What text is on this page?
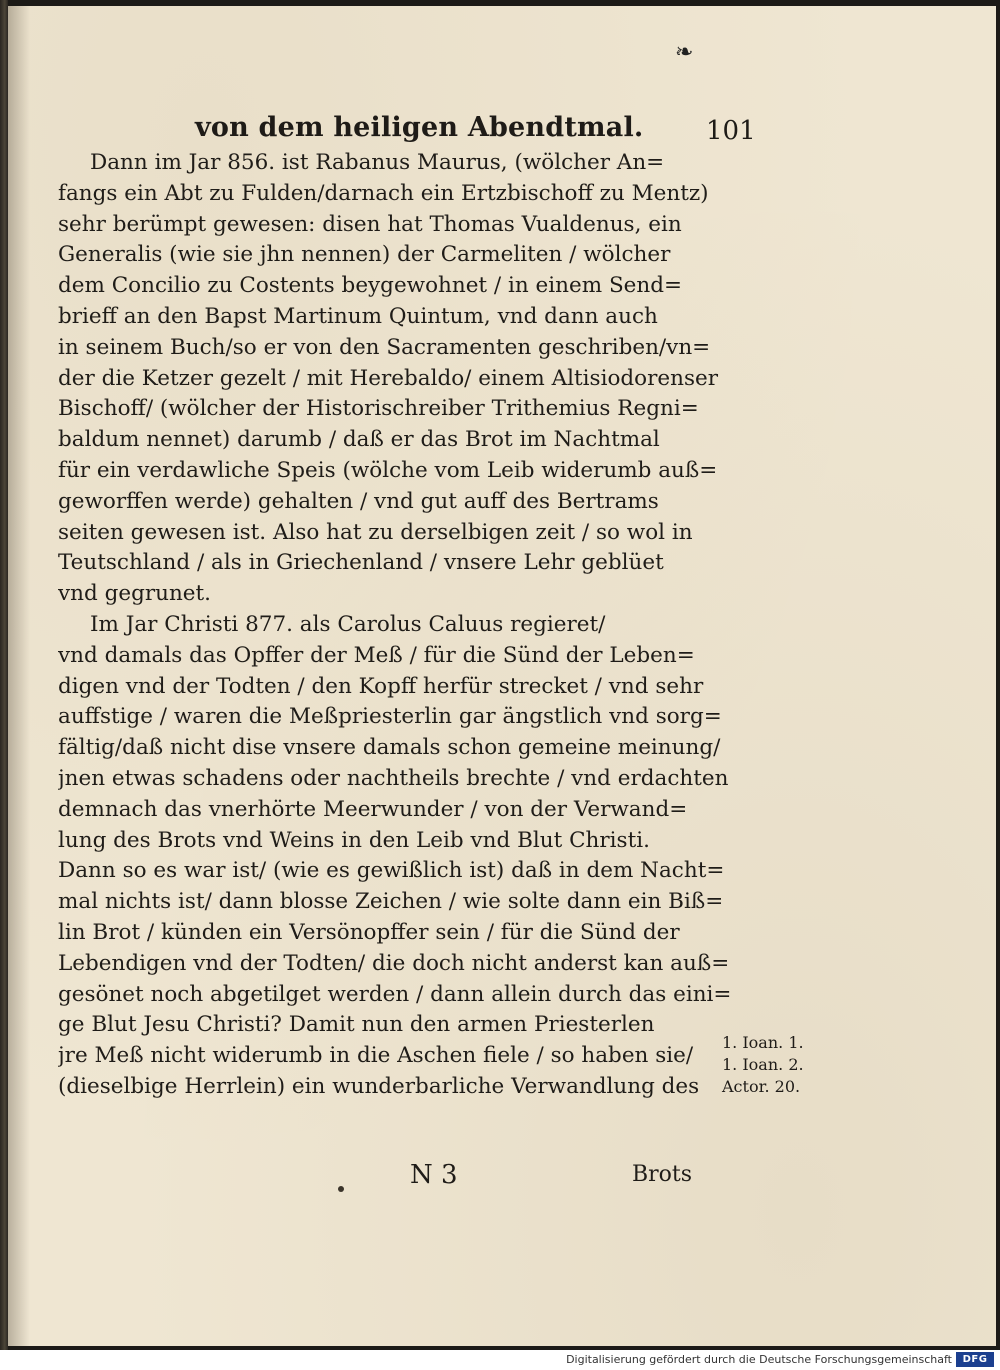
❧
von dem heiligen Abendtmal. 101
Dann im Jar 856. ist Rabanus Maurus, (wölcher An=
fangs ein Abt zu Fulden/darnach ein Ertzbischoff zu Mentz)
sehr berümpt gewesen: disen hat Thomas Vualdenus, ein
Generalis (wie sie jhn nennen) der Carmeliten / wölcher
dem Concilio zu Costents beygewohnet / in einem Send=
brieff an den Bapst Martinum Quintum, vnd dann auch
in seinem Buch/so er von den Sacramenten geschriben/vn=
der die Ketzer gezelt / mit Herebaldo/ einem Altisiodorenser
Bischoff/ (wölcher der Historischreiber Trithemius Regni=
baldum nennet) darumb / daß er das Brot im Nachtmal
für ein verdawliche Speis (wölche vom Leib widerumb auß=
geworffen werde) gehalten / vnd gut auff des Bertrams
seiten gewesen ist. Also hat zu derselbigen zeit / so wol in
Teutschland / als in Griechenland / vnsere Lehr geblüet
vnd gegrunet.
Im Jar Christi 877. als Carolus Caluus regieret/
vnd damals das Opffer der Meß / für die Sünd der Leben=
digen vnd der Todten / den Kopff herfür strecket / vnd sehr
auffstige / waren die Meßpriesterlin gar ängstlich vnd sorg=
fältig/daß nicht dise vnsere damals schon gemeine meinung/
jnen etwas schadens oder nachtheils brechte / vnd erdachten
demnach das vnerhörte Meerwunder / von der Verwand=
lung des Brots vnd Weins in den Leib vnd Blut Christi.
Dann so es war ist/ (wie es gewißlich ist) daß in dem Nacht=
mal nichts ist/ dann blosse Zeichen / wie solte dann ein Biß=
lin Brot / künden ein Versönopffer sein / für die Sünd der
Lebendigen vnd der Todten/ die doch nicht anderst kan auß=
gesönet noch abgetilget werden / dann allein durch das eini=
ge Blut Jesu Christi? Damit nun den armen Priesterlen
jre Meß nicht widerumb in die Aschen fiele / so haben sie/
(dieselbige Herrlein) ein wunderbarliche Verwandlung des
1. Ioan. 1.
1. Ioan. 2.
Actor. 20.
N 3	Brots
Digitalisierung gefördert durch die Deutsche Forschungsgemeinschaft	DFG
